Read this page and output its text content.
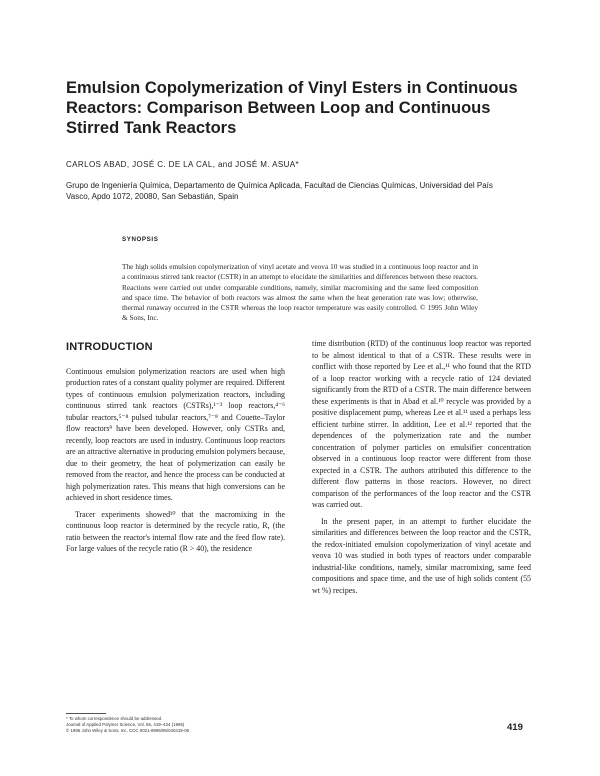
Emulsion Copolymerization of Vinyl Esters in Continuous Reactors: Comparison Between Loop and Continuous Stirred Tank Reactors

CARLOS ABAD, JOSÉ C. DE LA CAL, and JOSÉ M. ASUA*

Grupo de Ingeniería Química, Departamento de Química Aplicada, Facultad de Ciencias Químicas, Universidad del País Vasco, Apdo 1072, 20080, San Sebastián, Spain

SYNOPSIS

The high solids emulsion copolymerization of vinyl acetate and veova 10 was studied in a continuous loop reactor and in a continuous stirred tank reactor (CSTR) in an attempt to elucidate the similarities and differences between these reactors. Reactions were carried out under comparable conditions, namely, similar macromixing and the same feed composition and space time. The behavior of both reactors was almost the same when the heat generation rate was low; otherwise, thermal runaway occurred in the CSTR whereas the loop reactor temperature was easily controlled. © 1995 John Wiley & Sons, Inc.

INTRODUCTION

Continuous emulsion polymerization reactors are used when high production rates of a constant quality polymer are required. Different types of continuous emulsion polymerization reactors, including continuous stirred tank reactors (CSTRs),¹⁻³ loop reactors,⁴⁻⁶ tubular reactors,⁵⁻⁸ pulsed tubular reactors,⁷⁻⁸ and Couette–Taylor flow reactors⁹ have been developed. However, only CSTRs and, recently, loop reactors are used in industry. Continuous loop reactors are an attractive alternative in producing emulsion polymers because, due to their geometry, the heat of polymerization can easily be removed from the reactor, and hence the process can be conducted at high polymerization rates. This means that high conversions can be achieved in short residence times.

Tracer experiments showed¹⁰ that the macromixing in the continuous loop reactor is determined by the recycle ratio, R, (the ratio between the reactor's internal flow rate and the feed flow rate). For large values of the recycle ratio (R > 40), the residence

time distribution (RTD) of the continuous loop reactor was reported to be almost identical to that of a CSTR. These results were in conflict with those reported by Lee et al.,¹¹ who found that the RTD of a loop reactor working with a recycle ratio of 124 deviated significantly from the RTD of a CSTR. The main difference between these experiments is that in Abad et al.¹⁰ recycle was provided by a positive displacement pump, whereas Lee et al.¹¹ used a perhaps less efficient turbine stirrer. In addition, Lee et al.¹² reported that the dependences of the polymerization rate and the number concentration of polymer particles on emulsifier concentration observed in a continuous loop reactor were different from those expected in a CSTR. The authors attributed this difference to the different flow patterns in those reactors. However, no direct comparison of the performances of the loop reactor and the CSTR was carried out.

In the present paper, in an attempt to further elucidate the similarities and differences between the loop reactor and the CSTR, the redox-initiated emulsion copolymerization of vinyl acetate and veova 10 was studied in both types of reactors under comparable industrial-like conditions, namely, similar macromixing, same feed compositions and space time, and the use of high solids content (55 wt %) recipes.

* To whom correspondence should be addressed.
Journal of Applied Polymer Science, Vol. 56, 419–424 (1995)
© 1995 John Wiley & Sons, Inc. CCC 0021-8995/95/040419-06	419
